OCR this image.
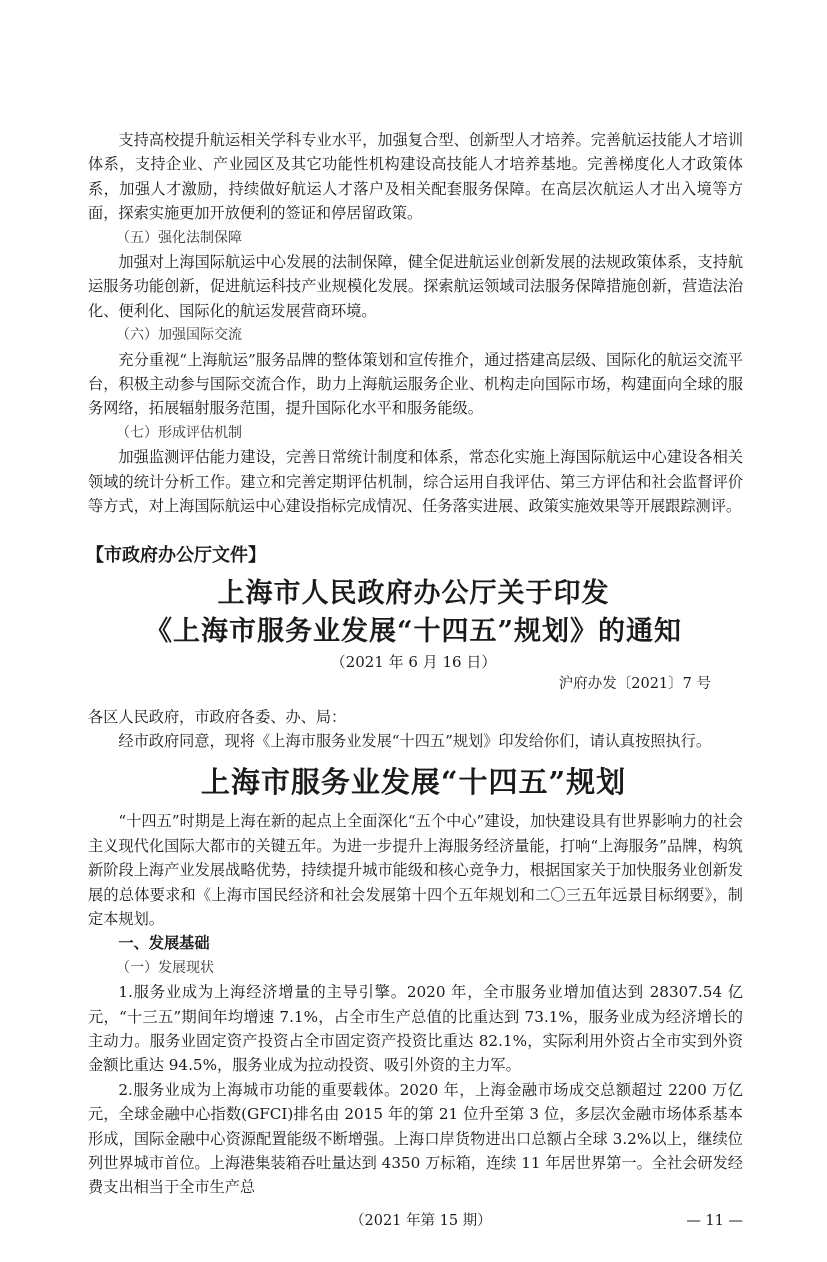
支持高校提升航运相关学科专业水平，加强复合型、创新型人才培养。完善航运技能人才培训体系，支持企业、产业园区及其它功能性机构建设高技能人才培养基地。完善梯度化人才政策体系，加强人才激励，持续做好航运人才落户及相关配套服务保障。在高层次航运人才出入境等方面，探索实施更加开放便利的签证和停居留政策。

（五）强化法制保障

加强对上海国际航运中心发展的法制保障，健全促进航运业创新发展的法规政策体系，支持航运服务功能创新，促进航运科技产业规模化发展。探索航运领域司法服务保障措施创新，营造法治化、便利化、国际化的航运发展营商环境。

（六）加强国际交流

充分重视“上海航运”服务品牌的整体策划和宣传推介，通过搭建高层级、国际化的航运交流平台，积极主动参与国际交流合作，助力上海航运服务企业、机构走向国际市场，构建面向全球的服务网络，拓展辐射服务范围，提升国际化水平和服务能级。

（七）形成评估机制

加强监测评估能力建设，完善日常统计制度和体系，常态化实施上海国际航运中心建设各相关领域的统计分析工作。建立和完善定期评估机制，综合运用自我评估、第三方评估和社会监督评价等方式，对上海国际航运中心建设指标完成情况、任务落实进展、政策实施效果等开展跟踪测评。

【市政府办公厅文件】
上海市人民政府办公厅关于印发
《上海市服务业发展“十四五”规划》的通知
（2021 年 6 月 16 日）
沪府办发〔2021〕7 号

各区人民政府，市政府各委、办、局：

经市政府同意，现将《上海市服务业发展“十四五”规划》印发给你们，请认真按照执行。

上海市服务业发展“十四五”规划

“十四五”时期是上海在新的起点上全面深化“五个中心”建设，加快建设具有世界影响力的社会主义现代化国际大都市的关键五年。为进一步提升上海服务经济量能，打响“上海服务”品牌，构筑新阶段上海产业发展战略优势，持续提升城市能级和核心竞争力，根据国家关于加快服务业创新发展的总体要求和《上海市国民经济和社会发展第十四个五年规划和二〇三五年远景目标纲要》，制定本规划。

一、发展基础

（一）发展现状

1.服务业成为上海经济增量的主导引擎。2020 年，全市服务业增加值达到 28307.54 亿元，“十三五”期间年均增速 7.1%，占全市生产总值的比重达到 73.1%，服务业成为经济增长的主动力。服务业固定资产投资占全市固定资产投资比重达 82.1%，实际利用外资占全市实到外资金额比重达 94.5%，服务业成为拉动投资、吸引外资的主力军。

2.服务业成为上海城市功能的重要载体。2020 年，上海金融市场成交总额超过 2200 万亿元，全球金融中心指数(GFCI)排名由 2015 年的第 21 位升至第 3 位，多层次金融市场体系基本形成，国际金融中心资源配置能级不断增强。上海口岸货物进出口总额占全球 3.2%以上，继续位列世界城市首位。上海港集装箱吞吐量达到 4350 万标箱，连续 11 年居世界第一。全社会研发经费支出相当于全市生产总

（2021 年第 15 期）	— 11 —
